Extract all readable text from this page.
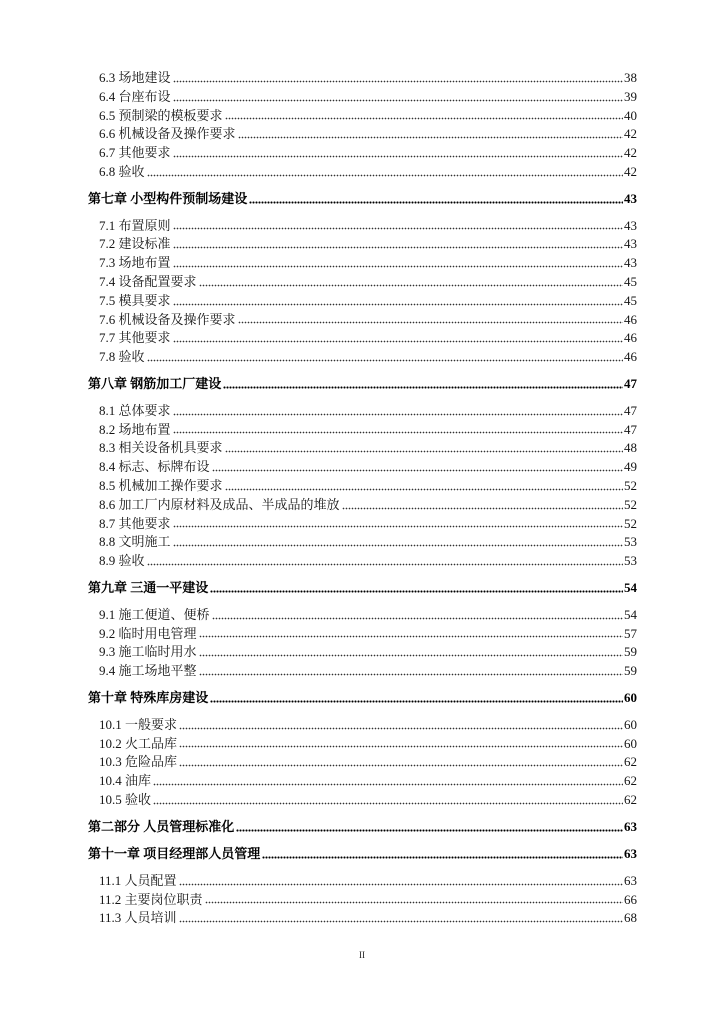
6.3 场地建设	38
6.4 台座布设	39
6.5 预制梁的模板要求	40
6.6 机械设备及操作要求	42
6.7 其他要求	42
6.8 验收	42
第七章 小型构件预制场建设	43
7.1 布置原则	43
7.2 建设标准	43
7.3 场地布置	43
7.4 设备配置要求	45
7.5 模具要求	45
7.6 机械设备及操作要求	46
7.7 其他要求	46
7.8 验收	46
第八章 钢筋加工厂建设	47
8.1 总体要求	47
8.2 场地布置	47
8.3 相关设备机具要求	48
8.4 标志、标牌布设	49
8.5 机械加工操作要求	52
8.6 加工厂内原材料及成品、半成品的堆放	52
8.7 其他要求	52
8.8 文明施工	53
8.9 验收	53
第九章 三通一平建设	54
9.1 施工便道、便桥	54
9.2 临时用电管理	57
9.3 施工临时用水	59
9.4 施工场地平整	59
第十章 特殊库房建设	60
10.1 一般要求	60
10.2 火工品库	60
10.3 危险品库	62
10.4 油库	62
10.5 验收	62
第二部分 人员管理标准化	63
第十一章 项目经理部人员管理	63
11.1 人员配置	63
11.2 主要岗位职责	66
11.3 人员培训	68
II
